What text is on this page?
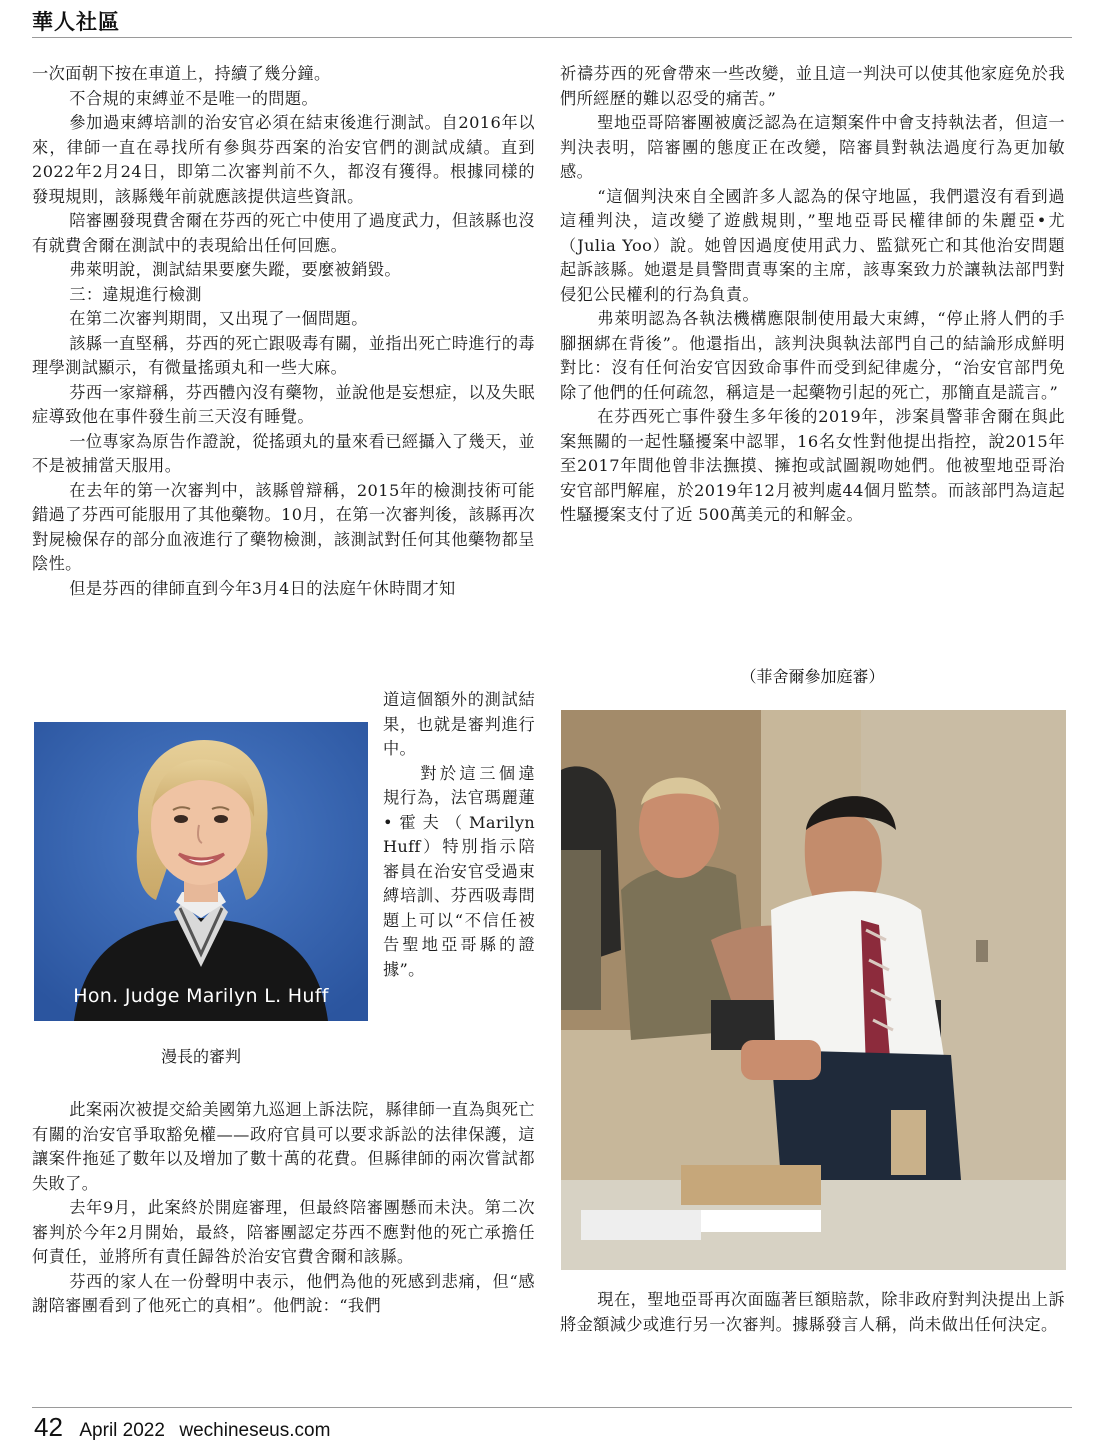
華人社區

一次面朝下按在車道上，持續了幾分鐘。

不合規的束縛並不是唯一的問題。

參加過束縛培訓的治安官必須在結束後進行測試。自2016年以來，律師一直在尋找所有參與芬西案的治安官們的測試成績。直到2022年2月24日，即第二次審判前不久，都沒有獲得。根據同樣的發現規則，該縣幾年前就應該提供這些資訊。

陪審團發現費舍爾在芬西的死亡中使用了過度武力，但該縣也沒有就費舍爾在測試中的表現給出任何回應。

弗萊明說，測試結果要麼失蹤，要麼被銷毀。

三：違規進行檢測

在第二次審判期間，又出現了一個問題。

該縣一直堅稱，芬西的死亡跟吸毒有關，並指出死亡時進行的毒理學測試顯示，有微量搖頭丸和一些大麻。

芬西一家辯稱，芬西體內沒有藥物，並說他是妄想症，以及失眠症導致他在事件發生前三天沒有睡覺。

一位專家為原告作證說，從搖頭丸的量來看已經攝入了幾天，並不是被捕當天服用。

在去年的第一次審判中，該縣曾辯稱，2015年的檢測技術可能錯過了芬西可能服用了其他藥物。10月，在第一次審判後，該縣再次對屍檢保存的部分血液進行了藥物檢測，該測試對任何其他藥物都呈陰性。

但是芬西的律師直到今年3月4日的法庭午休時間才知

Hon. Judge Marilyn L. Huff

道這個額外的測試結果，也就是審判進行中。

對於這三個違規行為，法官瑪麗蓮•霍夫（Marilyn Huff）特別指示陪審員在治安官受過束縛培訓、芬西吸毒問題上可以“不信任被告聖地亞哥縣的證據”。

漫長的審判

此案兩次被提交給美國第九巡迴上訴法院，縣律師一直為與死亡有關的治安官爭取豁免權——政府官員可以要求訴訟的法律保護，這讓案件拖延了數年以及增加了數十萬的花費。但縣律師的兩次嘗試都失敗了。

去年9月，此案終於開庭審理，但最終陪審團懸而未決。第二次審判於今年2月開始，最終，陪審團認定芬西不應對他的死亡承擔任何責任，並將所有責任歸咎於治安官費舍爾和該縣。

芬西的家人在一份聲明中表示，他們為他的死感到悲痛，但“感謝陪審團看到了他死亡的真相”。他們說：“我們

祈禱芬西的死會帶來一些改變，並且這一判決可以使其他家庭免於我們所經歷的難以忍受的痛苦。”

聖地亞哥陪審團被廣泛認為在這類案件中會支持執法者，但這一判決表明，陪審團的態度正在改變，陪審員對執法過度行為更加敏感。

“這個判決來自全國許多人認為的保守地區，我們還沒有看到過這種判決，這改變了遊戲規則，”聖地亞哥民權律師的朱麗亞•尤（Julia Yoo）說。她曾因過度使用武力、監獄死亡和其他治安問題起訴該縣。她還是員警問責專案的主席，該專案致力於讓執法部門對侵犯公民權利的行為負責。

弗萊明認為各執法機構應限制使用最大束縛，“停止將人們的手腳捆綁在背後”。他還指出，該判決與執法部門自己的結論形成鮮明對比：沒有任何治安官因致命事件而受到紀律處分，“治安官部門免除了他們的任何疏忽，稱這是一起藥物引起的死亡，那簡直是謊言。”

在芬西死亡事件發生多年後的2019年，涉案員警菲舍爾在與此案無關的一起性騷擾案中認罪，16名女性對他提出指控，說2015年至2017年間他曾非法撫摸、擁抱或試圖親吻她們。他被聖地亞哥治安官部門解雇，於2019年12月被判處44個月監禁。而該部門為這起性騷擾案支付了近 500萬美元的和解金。

（菲舍爾參加庭審）

現在，聖地亞哥再次面臨著巨額賠款，除非政府對判決提出上訴將金額減少或進行另一次審判。據縣發言人稱，尚未做出任何決定。

42 April 2022 wechineseus.com
